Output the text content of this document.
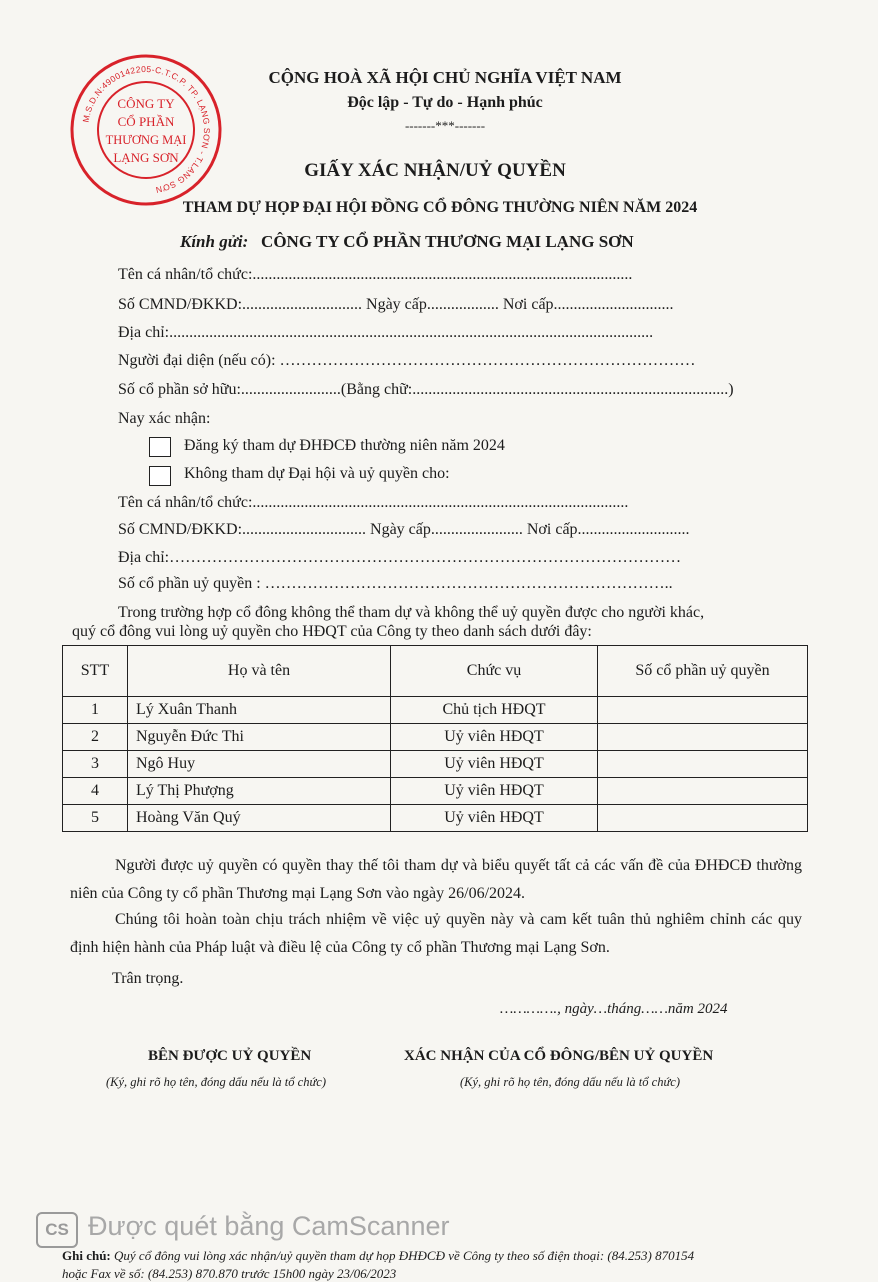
M.S.D.N:4900142205-C.T.C.P. TP. LẠNG SƠN - T.LẠNG SƠN
CÔNG TY
CỔ PHẦN
THƯƠNG MẠI
LẠNG SƠN
CỘNG HOÀ XÃ HỘI CHỦ NGHĨA VIỆT NAM
Độc lập - Tự do - Hạnh phúc
-------***-------
GIẤY XÁC NHẬN/UỶ QUYỀN
THAM DỰ HỌP ĐẠI HỘI ĐỒNG CỔ ĐÔNG THƯỜNG NIÊN NĂM 2024
Kính gửi: CÔNG TY CỔ PHẦN THƯƠNG MẠI LẠNG SƠN
Tên cá nhân/tổ chức:...............................................................................................
Số CMND/ĐKKD:.............................. Ngày cấp.................. Nơi cấp..............................
Địa chỉ:.........................................................................................................................
Người đại diện (nếu có): ……………………………………………………………………
Số cổ phần sở hữu:.........................(Bằng chữ:...............................................................................)
Nay xác nhận:
Đăng ký tham dự ĐHĐCĐ thường niên năm 2024
Không tham dự Đại hội và uỷ quyền cho:
Tên cá nhân/tổ chức:..............................................................................................
Số CMND/ĐKKD:............................... Ngày cấp....................... Nơi cấp............................
Địa chỉ:……………………………………………………………………………………
Số cổ phần uỷ quyền : …………………………………………………………………..
Trong trường hợp cổ đông không thể tham dự và không thể uỷ quyền được cho người khác,
quý cổ đông vui lòng uỷ quyền cho HĐQT của Công ty theo danh sách dưới đây:
STT	Họ và tên	Chức vụ	Số cổ phần uỷ quyền
1	Lý Xuân Thanh	Chủ tịch HĐQT	
2	Nguyễn Đức Thi	Uỷ viên HĐQT	
3	Ngô Huy	Uỷ viên HĐQT	
4	Lý Thị Phượng	Uỷ viên HĐQT	
5	Hoàng Văn Quý	Uỷ viên HĐQT	
Người được uỷ quyền có quyền thay thế tôi tham dự và biểu quyết tất cả các vấn đề của ĐHĐCĐ thường niên của Công ty cổ phần Thương mại Lạng Sơn vào ngày 26/06/2024.
Chúng tôi hoàn toàn chịu trách nhiệm về việc uỷ quyền này và cam kết tuân thủ nghiêm chỉnh các quy định hiện hành của Pháp luật và điều lệ của Công ty cổ phần Thương mại Lạng Sơn.
Trân trọng.
…………., ngày…tháng……năm 2024
BÊN ĐƯỢC UỶ QUYỀN
(Ký, ghi rõ họ tên, đóng dấu nếu là tổ chức)
XÁC NHẬN CỦA CỔ ĐÔNG/BÊN UỶ QUYỀN
(Ký, ghi rõ họ tên, đóng dấu nếu là tổ chức)
CS Được quét bằng CamScanner
Ghi chú: Quý cổ đông vui lòng xác nhận/uỷ quyền tham dự họp ĐHĐCĐ về Công ty theo số điện thoại: (84.253) 870154
hoặc Fax về số: (84.253) 870.870 trước 15h00 ngày 23/06/2023
